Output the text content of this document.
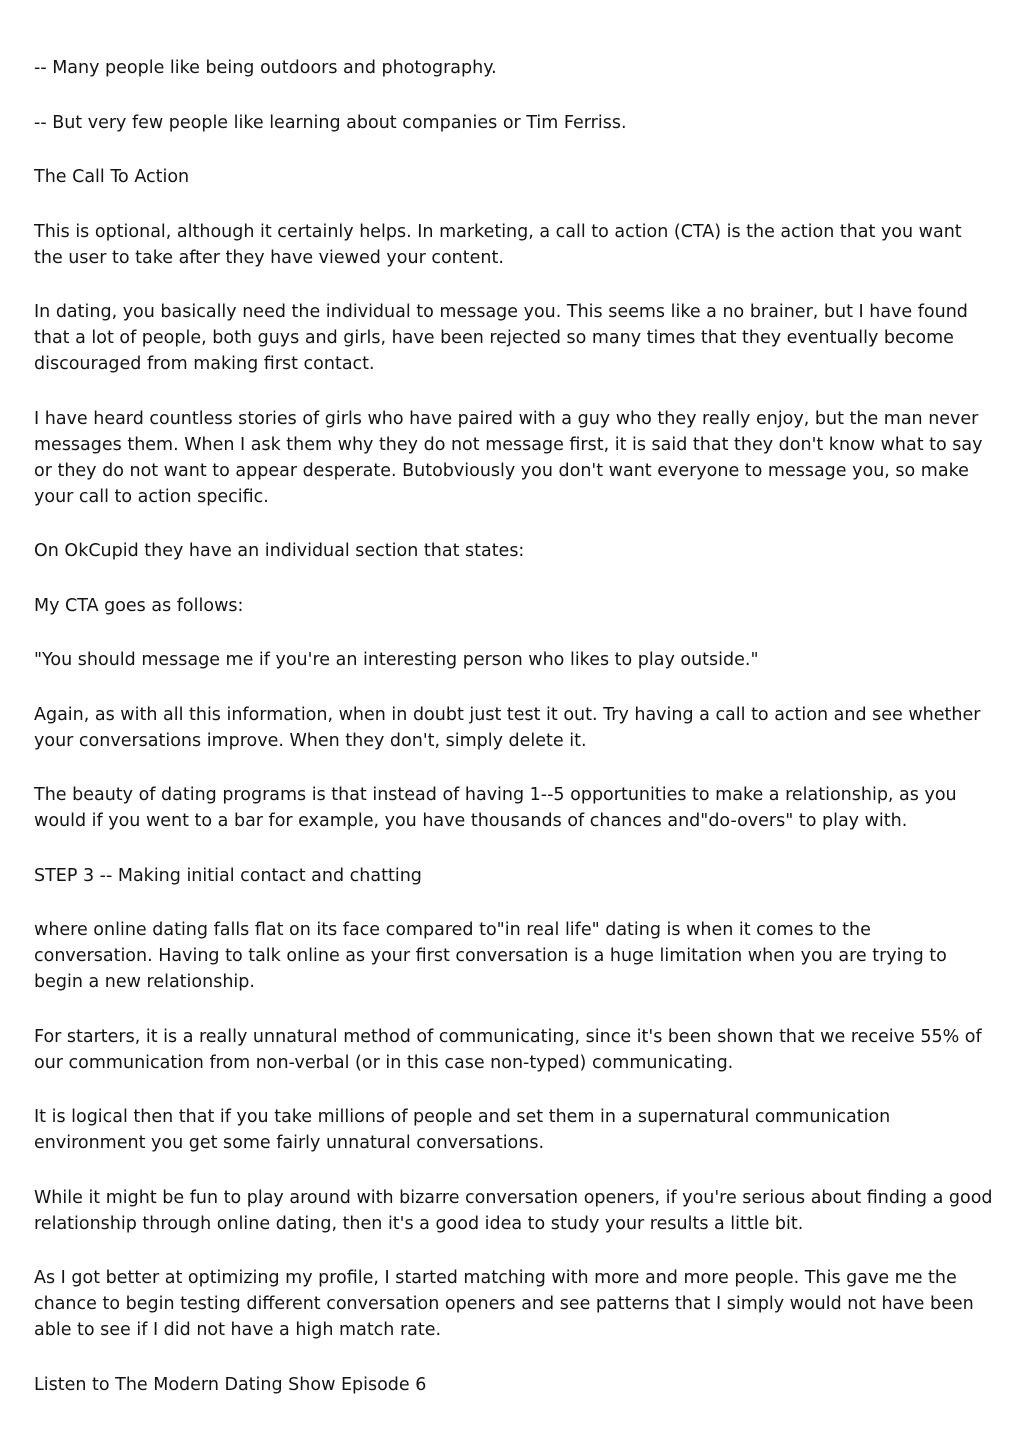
-- Many people like being outdoors and photography.

-- But very few people like learning about companies or Tim Ferriss.

The Call To Action

This is optional, although it certainly helps. In marketing, a call to action (CTA) is the action that you want the user to take after they have viewed your content.

In dating, you basically need the individual to message you. This seems like a no brainer, but I have found that a lot of people, both guys and girls, have been rejected so many times that they eventually become discouraged from making first contact.

I have heard countless stories of girls who have paired with a guy who they really enjoy, but the man never messages them. When I ask them why they do not message first, it is said that they don't know what to say or they do not want to appear desperate. Butobviously you don't want everyone to message you, so make your call to action specific.

On OkCupid they have an individual section that states:

My CTA goes as follows:

"You should message me if you're an interesting person who likes to play outside."

Again, as with all this information, when in doubt just test it out. Try having a call to action and see whether your conversations improve. When they don't, simply delete it.

The beauty of dating programs is that instead of having 1--5 opportunities to make a relationship, as you would if you went to a bar for example, you have thousands of chances and"do-overs" to play with.

STEP 3 -- Making initial contact and chatting

where online dating falls flat on its face compared to"in real life" dating is when it comes to the conversation. Having to talk online as your first conversation is a huge limitation when you are trying to begin a new relationship.

For starters, it is a really unnatural method of communicating, since it's been shown that we receive 55% of our communication from non-verbal (or in this case non-typed) communicating.

It is logical then that if you take millions of people and set them in a supernatural communication environment you get some fairly unnatural conversations.

While it might be fun to play around with bizarre conversation openers, if you're serious about finding a good relationship through online dating, then it's a good idea to study your results a little bit.

As I got better at optimizing my profile, I started matching with more and more people. This gave me the chance to begin testing different conversation openers and see patterns that I simply would not have been able to see if I did not have a high match rate.

Listen to The Modern Dating Show Episode 6
